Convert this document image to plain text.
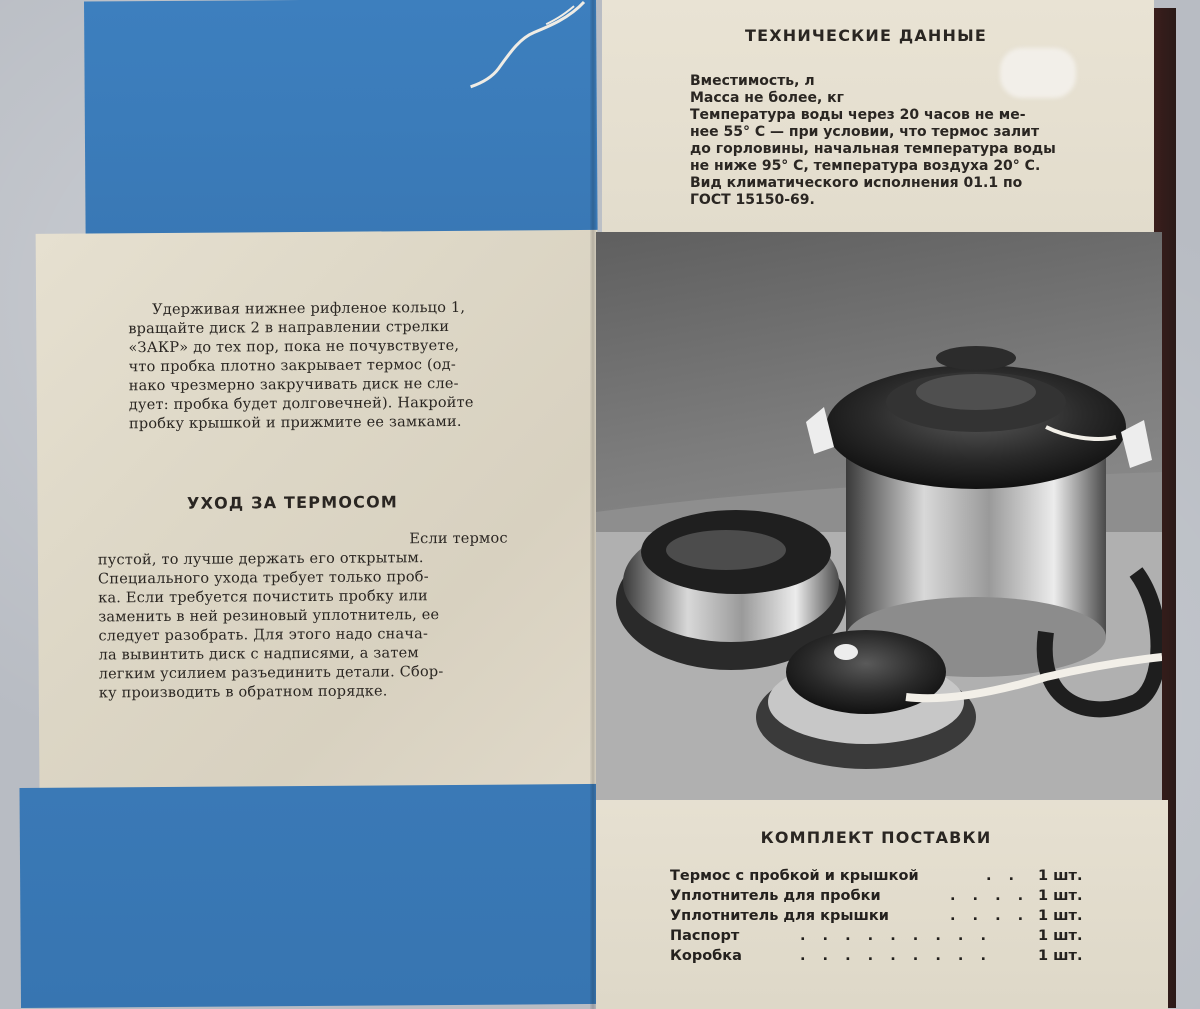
Удерживая нижнее рифленое кольцо 1,
вращайте диск 2 в направлении стрелки
«ЗАКР» до тех пор, пока не почувствуете,
что пробка плотно закрывает термос (од-
нако чрезмерно закручивать диск не сле-
дует: пробка будет долговечней). Накройте
пробку крышкой и прижмите ее замками.
УХОД ЗА ТЕРМОСОМ
Если термос
пустой, то лучше держать его открытым.
Специального ухода требует только проб-
ка. Если требуется почистить пробку или
заменить в ней резиновый уплотнитель, ее
следует разобрать. Для этого надо снача-
ла вывинтить диск с надписями, а затем
легким усилием разъединить детали. Сбор-
ку производить в обратном порядке.
ТЕХНИЧЕСКИЕ ДАННЫЕ
Вместимость, л
Масса не более, кг
Температура воды через 20 часов не ме-
нее 55° С — при условии, что термос залит
до горловины, начальная температура воды
не ниже 95° С, температура воздуха 20° С.
Вид климатического исполнения 01.1 по
ГОСТ 15150-69.
КОМПЛЕКТ ПОСТАВКИ
Термос с пробкой и крышкой	. . 1 шт.
Уплотнитель для пробки	. . . . 1 шт.
Уплотнитель для крышки	. . . . 1 шт.
Паспорт	. . . . . . . . .	1 шт.
Коробка	. . . . . . . . .	1 шт.
